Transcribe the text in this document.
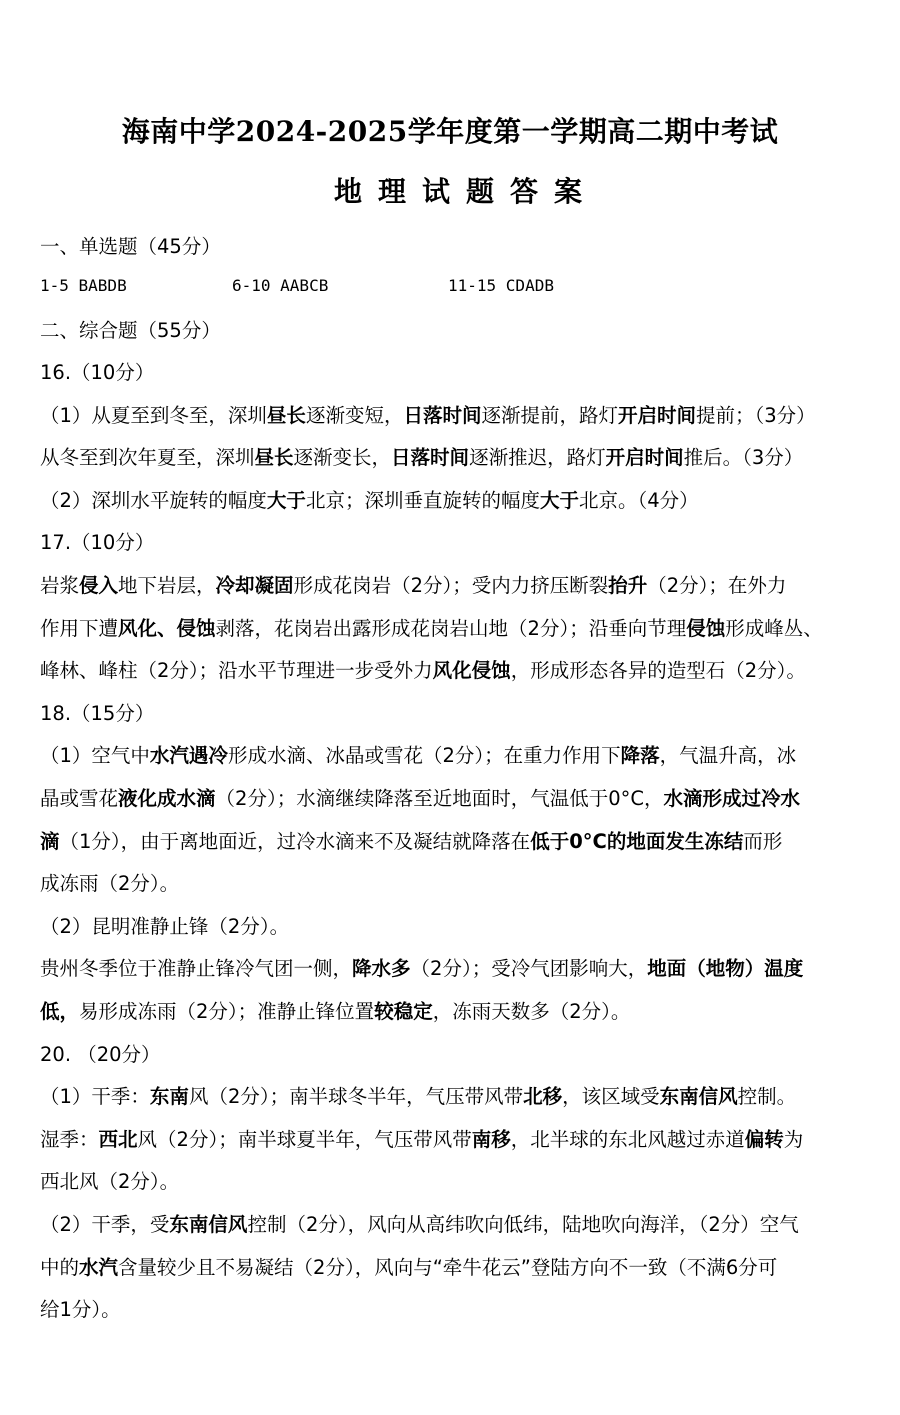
海南中学2024-2025学年度第一学期高二期中考试
地理试题答案
一、单选题（45分）
1-5 BABDB	6-10 AABCB	11-15 CDADB
二、综合题（55分）
16.（10分）
（1）从夏至到冬至，深圳昼长逐渐变短，日落时间逐渐提前，路灯开启时间提前；（3分）
从冬至到次年夏至，深圳昼长逐渐变长，日落时间逐渐推迟，路灯开启时间推后。（3分）
（2）深圳水平旋转的幅度大于北京；深圳垂直旋转的幅度大于北京。（4分）
17.（10分）
岩浆侵入地下岩层，冷却凝固形成花岗岩（2分）；受内力挤压断裂抬升（2分）；在外力
作用下遭风化、侵蚀剥落，花岗岩出露形成花岗岩山地（2分）；沿垂向节理侵蚀形成峰丛、
峰林、峰柱（2分）；沿水平节理进一步受外力风化侵蚀，形成形态各异的造型石（2分）。
18.（15分）
（1）空气中水汽遇冷形成水滴、冰晶或雪花（2分）；在重力作用下降落，气温升高，冰
晶或雪花液化成水滴（2分）；水滴继续降落至近地面时，气温低于0°C，水滴形成过冷水
滴（1分），由于离地面近，过冷水滴来不及凝结就降落在低于0°C的地面发生冻结而形
成冻雨（2分）。
（2）昆明准静止锋（2分）。
贵州冬季位于准静止锋冷气团一侧，降水多（2分）；受冷气团影响大，地面（地物）温度
低，易形成冻雨（2分）；准静止锋位置较稳定，冻雨天数多（2分）。
20. （20分）
（1）干季：东南风（2分）；南半球冬半年，气压带风带北移，该区域受东南信风控制。
湿季：西北风（2分）；南半球夏半年，气压带风带南移，北半球的东北风越过赤道偏转为
西北风（2分）。
（2）干季，受东南信风控制（2分），风向从高纬吹向低纬，陆地吹向海洋，（2分）空气
中的水汽含量较少且不易凝结（2分），风向与“牵牛花云”登陆方向不一致（不满6分可
给1分）。
